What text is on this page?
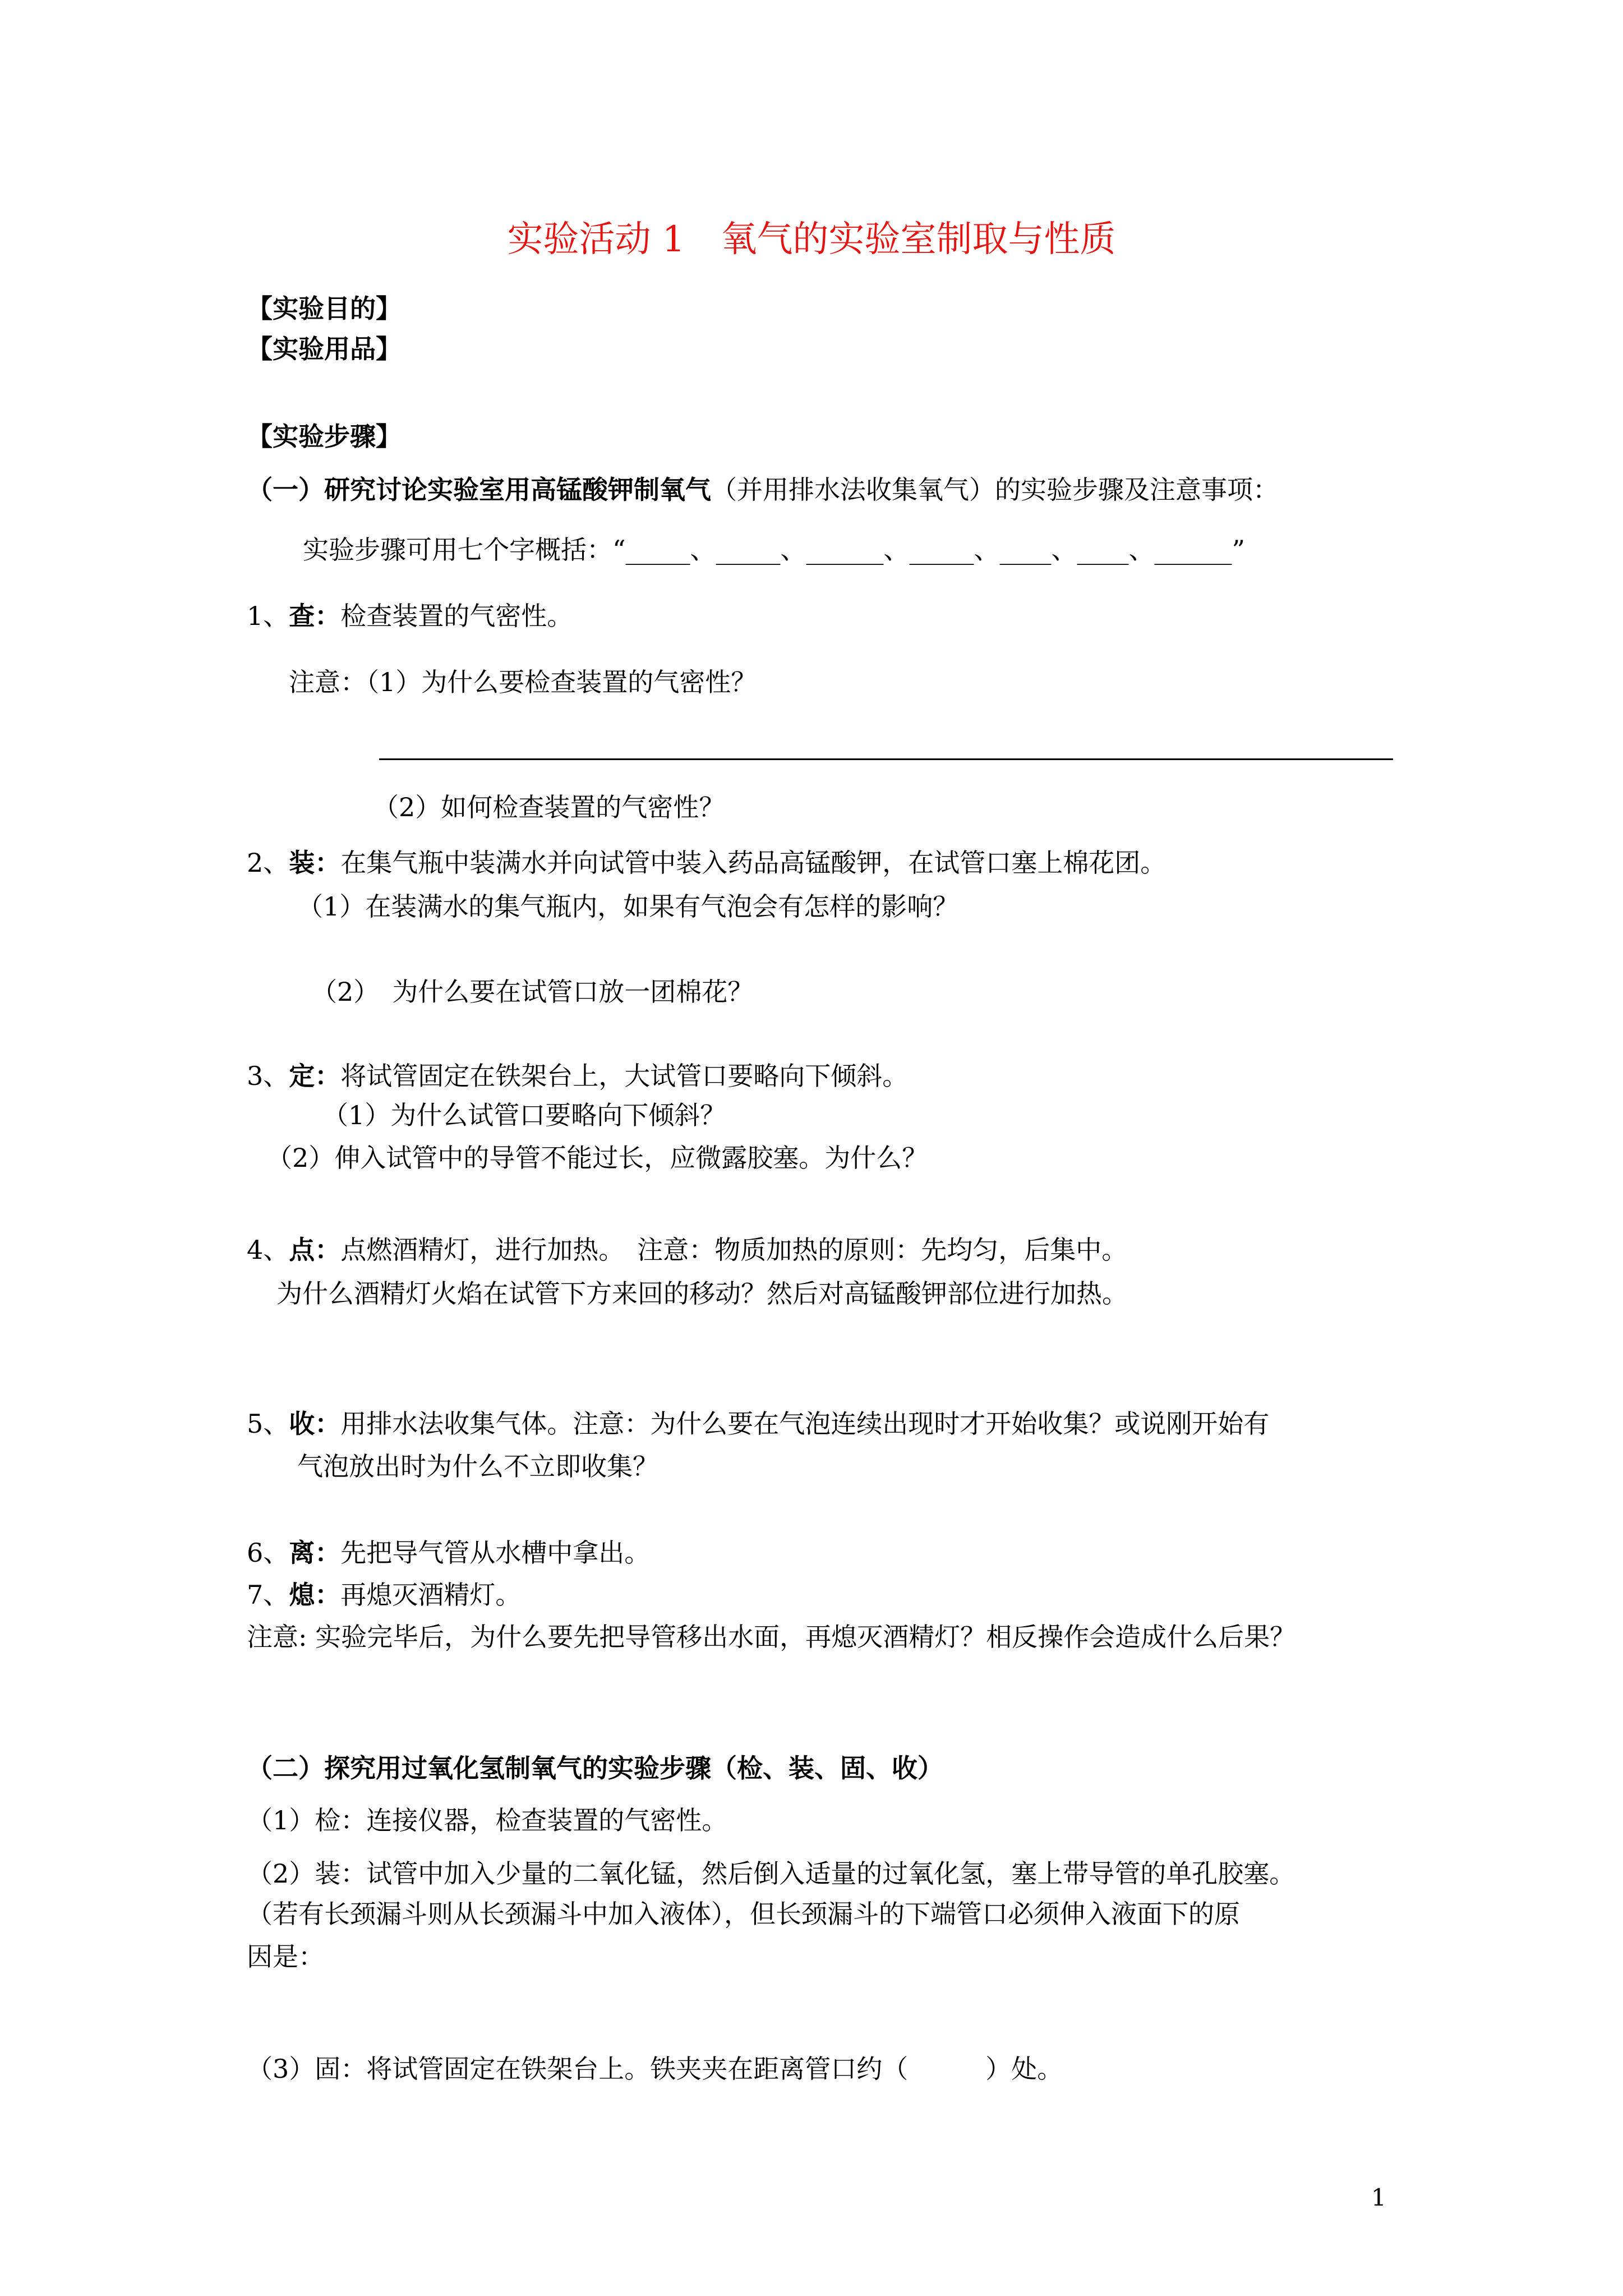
实验活动 1　氧气的实验室制取与性质
【实验目的】
【实验用品】
【实验步骤】
（一）研究讨论实验室用高锰酸钾制氧气（并用排水法收集氧气）的实验步骤及注意事项：
实验步骤可用七个字概括：“_____、_____、______、_____、____、____、______”
1、查：检查装置的气密性。
注意：（1）为什么要检查装置的气密性？
（2）如何检查装置的气密性？
2、装：在集气瓶中装满水并向试管中装入药品高锰酸钾，在试管口塞上棉花团。
（1）在装满水的集气瓶内，如果有气泡会有怎样的影响？
（2）　为什么要在试管口放一团棉花？
3、定：将试管固定在铁架台上，大试管口要略向下倾斜。
（1）为什么试管口要略向下倾斜？
（2）伸入试管中的导管不能过长，应微露胶塞。为什么？
4、点：点燃酒精灯，进行加热。　注意：物质加热的原则：先均匀，后集中。
为什么酒精灯火焰在试管下方来回的移动？然后对高锰酸钾部位进行加热。
5、收：用排水法收集气体。注意：为什么要在气泡连续出现时才开始收集？或说刚开始有
气泡放出时为什么不立即收集？
6、离：先把导气管从水槽中拿出。
7、熄：再熄灭酒精灯。
注意: 实验完毕后，为什么要先把导管移出水面，再熄灭酒精灯？相反操作会造成什么后果？
（二）探究用过氧化氢制氧气的实验步骤（检、装、固、收）
（1）检：连接仪器，检查装置的气密性。
（2）装：试管中加入少量的二氧化锰，然后倒入适量的过氧化氢，塞上带导管的单孔胶塞。
（若有长颈漏斗则从长颈漏斗中加入液体），但长颈漏斗的下端管口必须伸入液面下的原
因是：
（3）固：将试管固定在铁架台上。铁夹夹在距离管口约（　　　）处。
1
